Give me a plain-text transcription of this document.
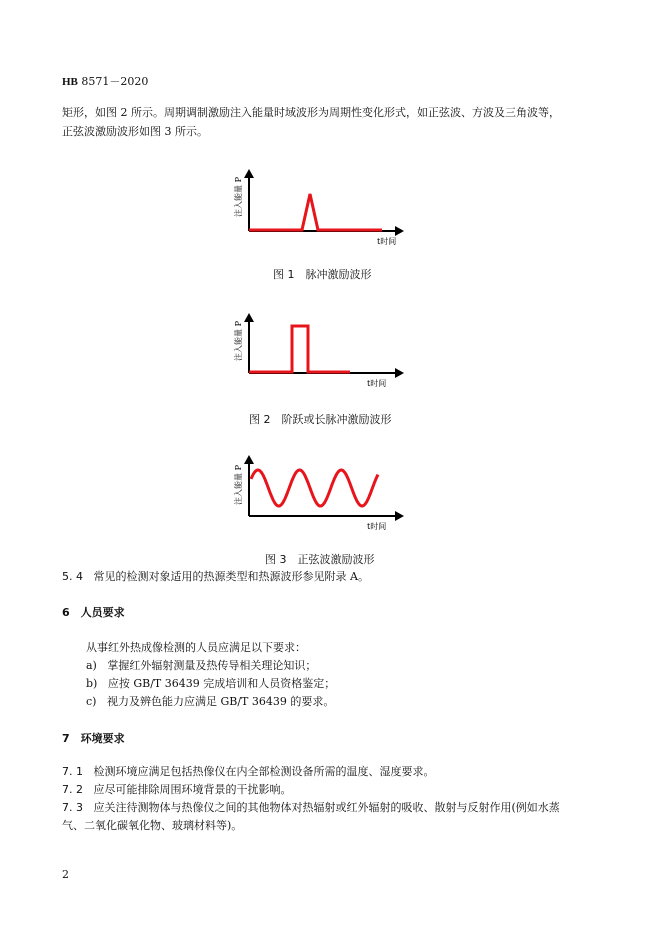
HB 8571－2020
矩形，如图 2 所示。周期调制激励注入能量时域波形为周期性变化形式，如正弦波、方波及三角波等，
正弦波激励波形如图 3 所示。
注入能量 P
t时间
图 1　脉冲激励波形
注入能量 P
t时间
图 2　阶跃或长脉冲激励波形
注入能量 P
t时间
图 3　正弦波激励波形
5. 4 常见的检测对象适用的热源类型和热源波形参见附录 A。
6　人员要求
从事红外热成像检测的人员应满足以下要求：
a) 掌握红外辐射测量及热传导相关理论知识；
b) 应按 GB/T 36439 完成培训和人员资格鉴定；
c) 视力及辨色能力应满足 GB/T 36439 的要求。
7　环境要求
7. 1 检测环境应满足包括热像仪在内全部检测设备所需的温度、湿度要求。
7. 2 应尽可能排除周围环境背景的干扰影响。
7. 3 应关注待测物体与热像仪之间的其他物体对热辐射或红外辐射的吸收、散射与反射作用(例如水蒸
气、二氧化碳氧化物、玻璃材料等)。
2
